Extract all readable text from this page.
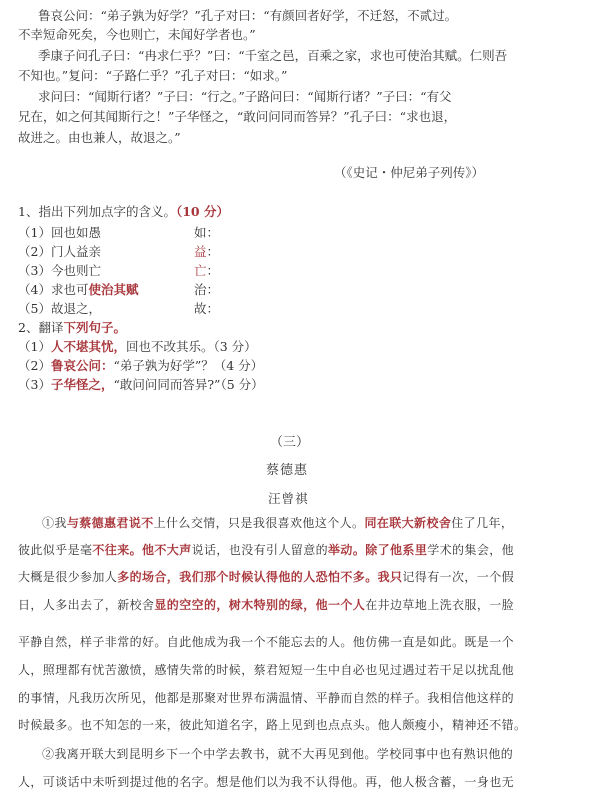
鲁哀公问：“弟子孰为好学？”孔子对曰：“有颜回者好学，不迁怒，不贰过。
不幸短命死矣，今也则亡，未闻好学者也。”
季康子问孔子曰：“冉求仁乎？”曰：“千室之邑，百乘之家，求也可使治其赋。仁则吾
不知也。”复问：“子路仁乎？”孔子对曰：“如求。”
求问曰：“闻斯行诸？”子曰：“行之。”子路问曰：“闻斯行诸？”子曰：“有父
兄在，如之何其闻斯行之！”子华怪之，“敢问问同而答异？”孔子曰：“求也退，
故进之。由也兼人，故退之。”
（《史记・仲尼弟子列传》）
1、指出下列加点字的含义。（10 分）
（1）回也如愚	如：
（2）门人益亲	益：
（3）今也则亡	亡：
（4）求也可使治其赋	治：
（5）故退之，	故：
2、翻译下列句子。
（1）人不堪其忧，回也不改其乐。（3 分）
（2）鲁哀公问：“弟子孰为好学”？（4 分）
（3）子华怪之，“敢问问同而答异?”（5 分）
（三）
蔡德惠
汪曾祺
①我与蔡德惠君说不上什么交情，只是我很喜欢他这个人。同在联大新校舍住了几年，
彼此似乎是毫不往来。他不大声说话，也没有引人留意的举动。除了他系里学术的集会，他
大概是很少参加人多的场合，我们那个时候认得他的人恐怕不多。我只记得有一次，一个假
日，人多出去了，新校舍显的空空的，树木特别的绿，他一个人在井边草地上洗衣服，一脸
平静自然，样子非常的好。自此他成为我一个不能忘去的人。他仿佛一直是如此。既是一个
人，照理都有忧苦激愤，感情失常的时候，蔡君短短一生中自必也见过遇过若干足以扰乱他
的事情，凡我历次所见，他都是那聚对世界布满温情、平静而自然的样子。我相信他这样的
时候最多。也不知怎的一来，彼此知道名字，路上见到也点点头。他人颇瘦小，精神还不错。
②我离开联大到昆明乡下一个中学去教书，就不大再见到他。学校同事中也有熟识他的
人，可谈话中未听到提过他的名字。想是他们以为我不认得他。再，他人极含蓄，一身也无
